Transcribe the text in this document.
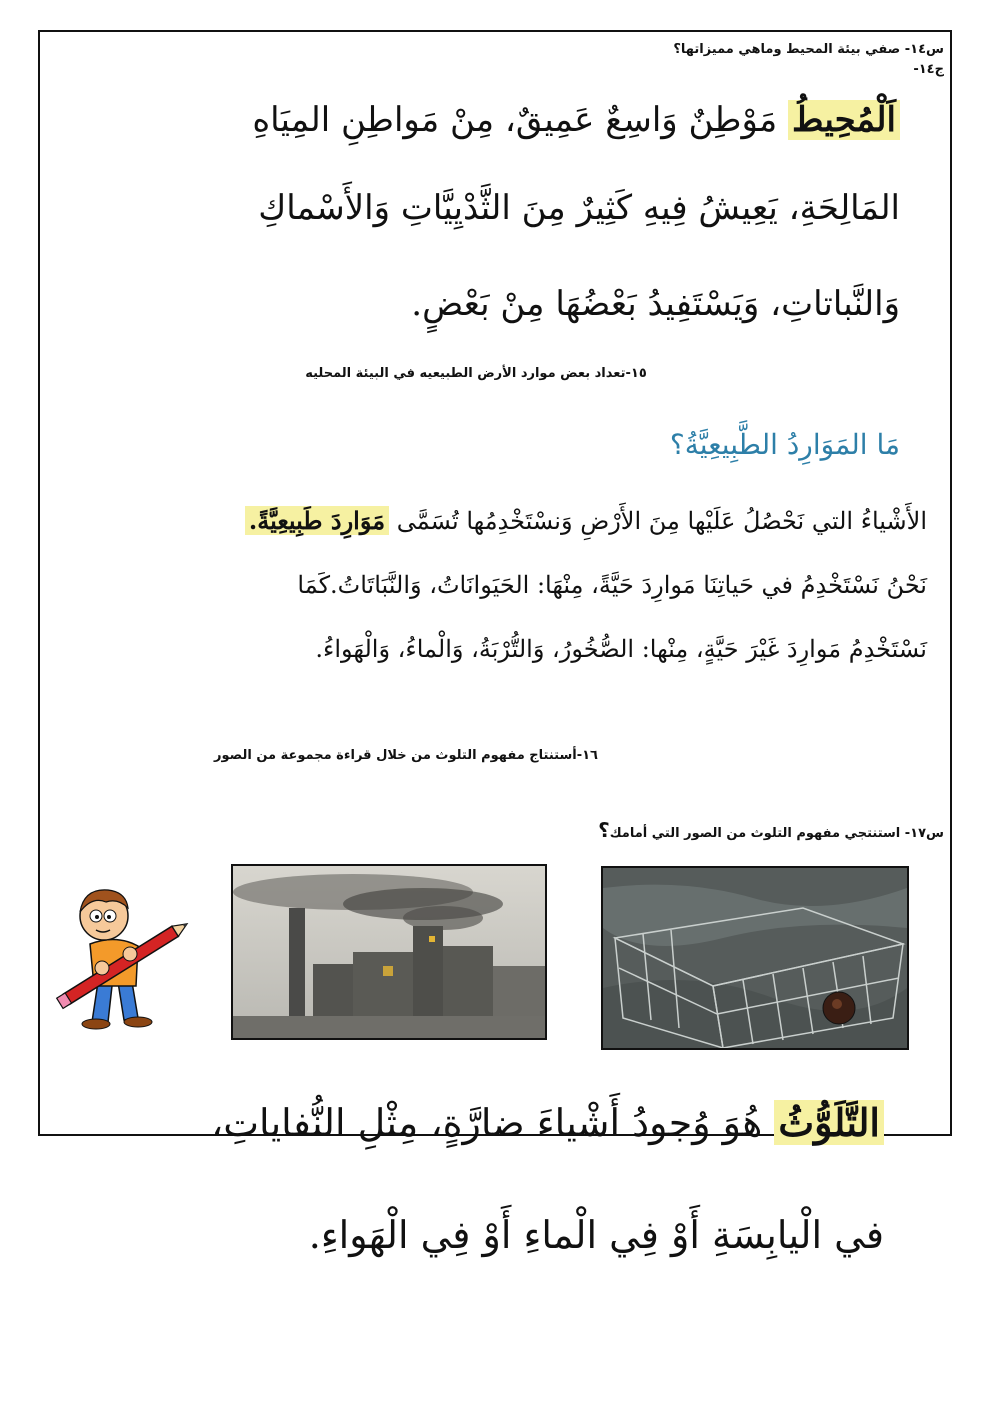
س١٤- صفي بيئة المحيط وماهي مميزاتها؟
ج١٤-
اَلْمُحِيطُ مَوْطِنٌ وَاسِعٌ عَمِيقٌ، مِنْ مَواطِنِ المِيَاهِ
المَالِحَةِ، يَعِيشُ فِيهِ كَثِيرٌ مِنَ الثَّدْيِيَّاتِ وَالأَسْماكِ
وَالنَّباتاتِ، وَيَسْتَفِيدُ بَعْضُهَا مِنْ بَعْضٍ.
١٥-تعداد بعض موارد الأرض الطبيعيه في البيئة المحليه
مَا المَوَارِدُ الطَّبِيعِيَّةُ؟
الأَشْياءُ التي نَحْصُلُ عَلَيْها مِنَ الأَرْضِ وَنسْتَخْدِمُها تُسَمَّى مَوَارِدَ طَبِيعِيَّةً.
نَحْنُ نَسْتَخْدِمُ في حَياتِنَا مَوارِدَ حَيَّةً، مِنْهَا: الحَيَوانَاتُ، وَالنَّبَاتَاتُ.كَمَا
نَسْتَخْدِمُ مَوارِدَ غَيْرَ حَيَّةٍ، مِنْها: الصُّخُورُ، وَالتُّرْبَةُ، وَالْماءُ، وَالْهَواءُ.
١٦-أستنتاج مفهوم التلوث من خلال قراءة مجموعة من الصور
س١٧- استنتجي مفهوم التلوث من الصور التي أمامك؟
التَّلَوُّثُ هُوَ وُجودُ أَشْياءَ ضارَّةٍ، مِثْلِ النُّفاياتِ،
في الْيابِسَةِ أَوْ فِي الْماءِ أَوْ فِي الْهَواءِ.
